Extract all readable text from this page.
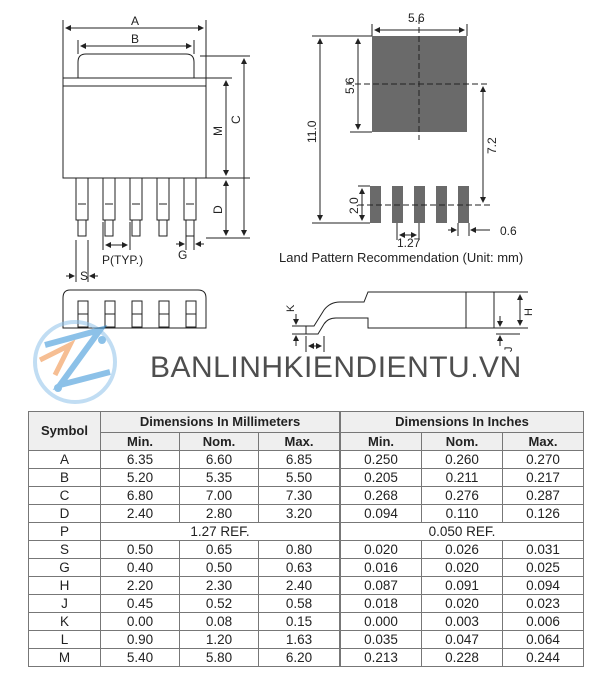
A
B
C
M
D
S
P(TYP.)	G
5.6
5.6
11.0
7.2
2.0
1.27
0.6
Land Pattern Recommendation (Unit: mm)
K	H
J
BANLINHKIENDIENTU.VN
Symbol	Dimensions In Millimeters			Dimensions In Inches		
	Min.	Nom.	Max.	Min.	Nom.	Max.
A	6.35	6.60	6.85	0.250	0.260	0.270
B	5.20	5.35	5.50	0.205	0.211	0.217
C	6.80	7.00	7.30	0.268	0.276	0.287
D	2.40	2.80	3.20	0.094	0.110	0.126
P	1.27 REF.			0.050 REF.		
S	0.50	0.65	0.80	0.020	0.026	0.031
G	0.40	0.50	0.63	0.016	0.020	0.025
H	2.20	2.30	2.40	0.087	0.091	0.094
J	0.45	0.52	0.58	0.018	0.020	0.023
K	0.00	0.08	0.15	0.000	0.003	0.006
L	0.90	1.20	1.63	0.035	0.047	0.064
M	5.40	5.80	6.20	0.213	0.228	0.244
